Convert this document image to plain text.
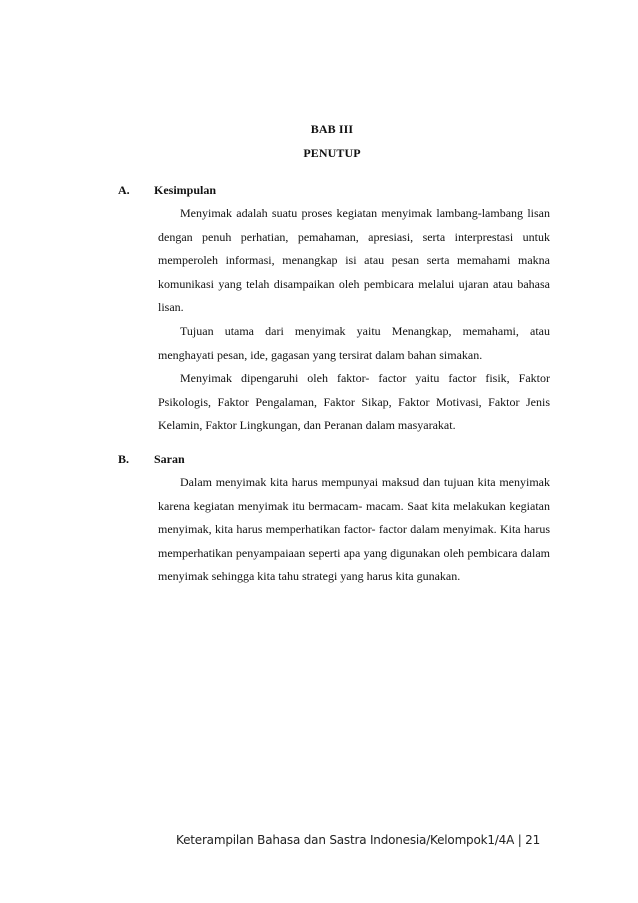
BAB III
PENUTUP
A.	Kesimpulan

Menyimak adalah suatu proses kegiatan menyimak lambang-lambang lisan dengan penuh perhatian, pemahaman, apresiasi, serta interprestasi untuk memperoleh informasi, menangkap isi atau pesan serta memahami makna komunikasi yang telah disampaikan oleh pembicara melalui ujaran atau bahasa lisan.

Tujuan utama dari menyimak yaitu Menangkap, memahami, atau menghayati pesan, ide, gagasan yang tersirat dalam bahan simakan.

Menyimak dipengaruhi oleh faktor- factor yaitu factor fisik, Faktor Psikologis, Faktor Pengalaman, Faktor Sikap, Faktor Motivasi, Faktor Jenis Kelamin, Faktor Lingkungan, dan Peranan dalam masyarakat.

B.	Saran

Dalam menyimak kita harus mempunyai maksud dan tujuan kita menyimak karena kegiatan menyimak itu bermacam- macam. Saat kita melakukan kegiatan menyimak, kita harus memperhatikan factor- factor dalam menyimak. Kita harus memperhatikan penyampaiaan seperti apa yang digunakan oleh pembicara dalam menyimak sehingga kita tahu strategi yang harus kita gunakan.

Keterampilan Bahasa dan Sastra Indonesia/Kelompok1/4A | 21
